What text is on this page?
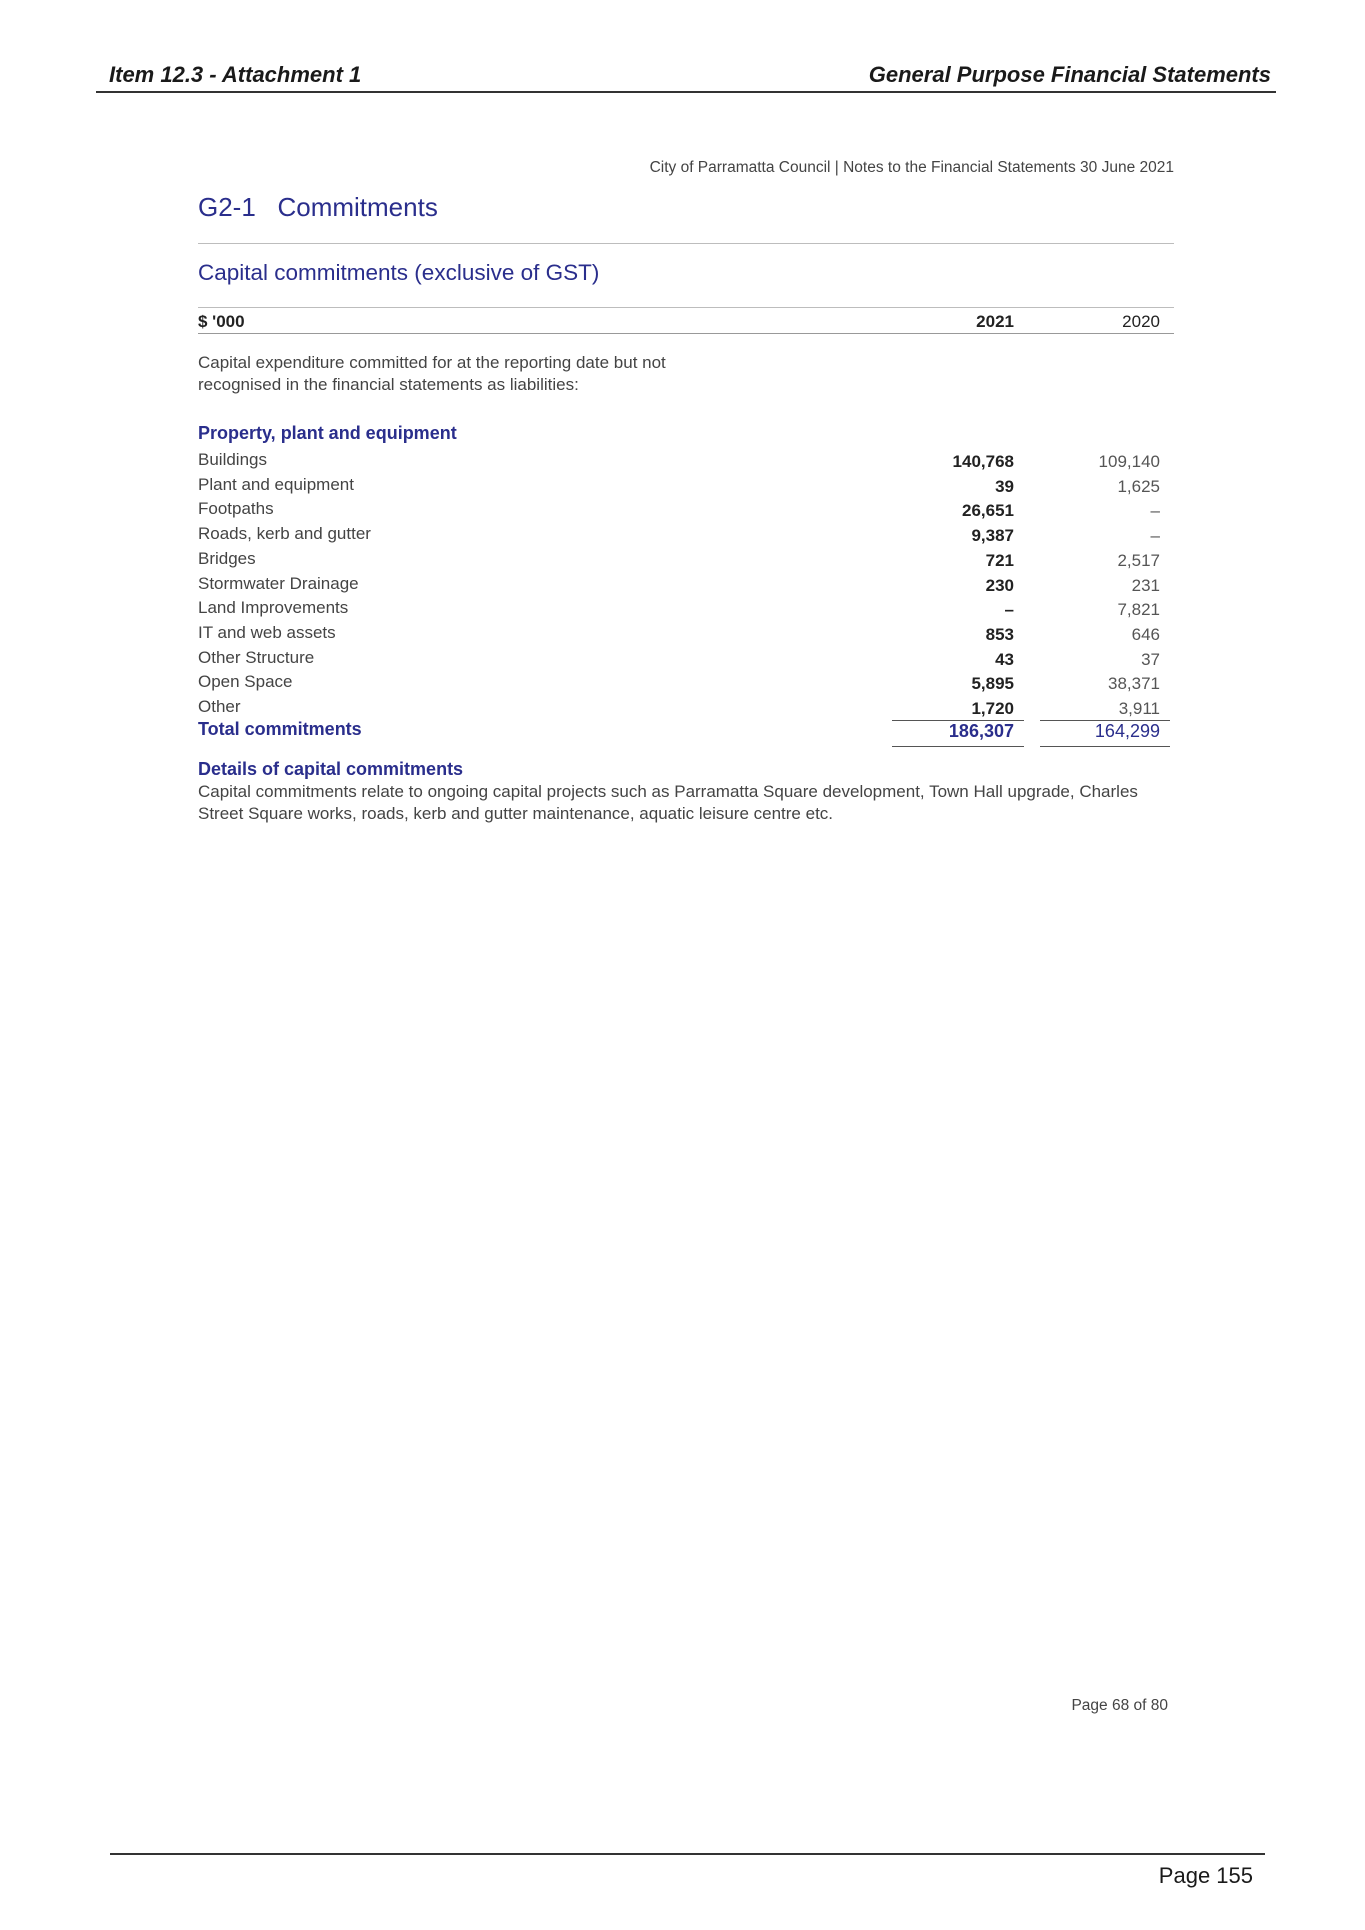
Item 12.3 - Attachment 1	General Purpose Financial Statements
City of Parramatta Council | Notes to the Financial Statements 30 June 2021
G2-1   Commitments
Capital commitments (exclusive of GST)
$ '000	2021	2020
Capital expenditure committed for at the reporting date but not recognised in the financial statements as liabilities:
Property, plant and equipment
Buildings	140,768	109,140
Plant and equipment	39	1,625
Footpaths	26,651	–
Roads, kerb and gutter	9,387	–
Bridges	721	2,517
Stormwater Drainage	230	231
Land Improvements	–	7,821
IT and web assets	853	646
Other Structure	43	37
Open Space	5,895	38,371
Other	1,720	3,911
Total commitments	186,307	164,299
Details of capital commitments
Capital commitments relate to ongoing capital projects such as Parramatta Square development, Town Hall upgrade, Charles Street Square works, roads, kerb and gutter maintenance, aquatic leisure centre etc.
Page 68 of 80
Page 155
